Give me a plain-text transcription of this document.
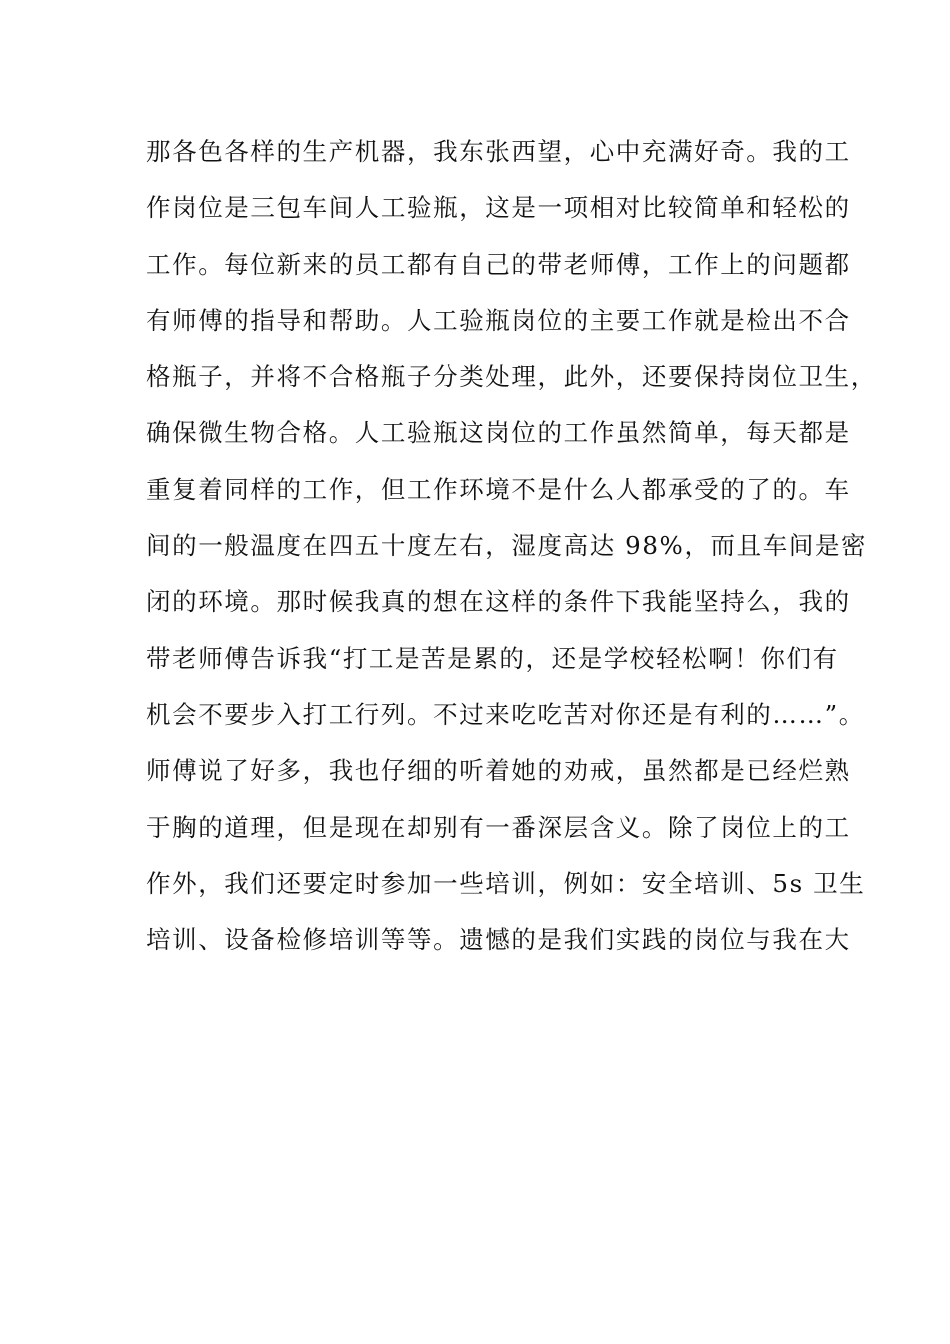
那各色各样的生产机器，我东张西望，心中充满好奇。我的工
作岗位是三包车间人工验瓶，这是一项相对比较简单和轻松的
工作。每位新来的员工都有自己的带老师傅，工作上的问题都
有师傅的指导和帮助。人工验瓶岗位的主要工作就是检出不合
格瓶子，并将不合格瓶子分类处理，此外，还要保持岗位卫生，
确保微生物合格。人工验瓶这岗位的工作虽然简单，每天都是
重复着同样的工作，但工作环境不是什么人都承受的了的。车
间的一般温度在四五十度左右，湿度高达 98%，而且车间是密
闭的环境。那时候我真的想在这样的条件下我能坚持么，我的
带老师傅告诉我“打工是苦是累的，还是学校轻松啊！你们有
机会不要步入打工行列。不过来吃吃苦对你还是有利的……”。
师傅说了好多，我也仔细的听着她的劝戒，虽然都是已经烂熟
于胸的道理，但是现在却别有一番深层含义。除了岗位上的工
作外，我们还要定时参加一些培训，例如：安全培训、5s 卫生
培训、设备检修培训等等。遗憾的是我们实践的岗位与我在大
